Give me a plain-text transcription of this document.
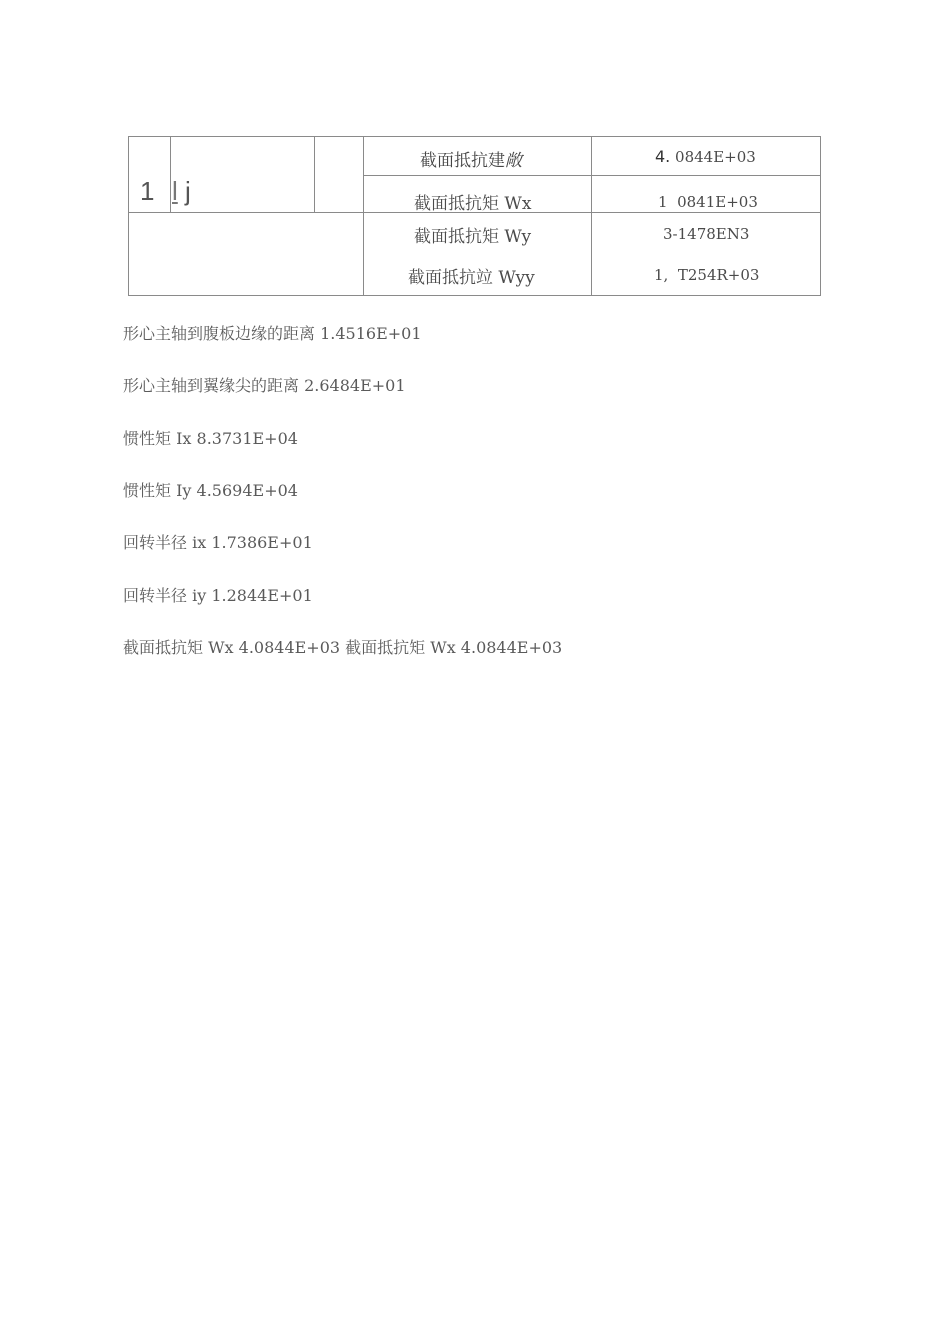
1 l j
截面抵抗建敞	4. 0844E+03
截面抵抗矩 Wx	1  0841E+03
截面抵抗矩 Wy	3-1478EN3
截面抵抗竝 Wyy	1,  T254R+03
形心主轴到腹板边缘的距离 1.4516E+01
形心主轴到翼缘尖的距离 2.6484E+01
惯性矩 Ix 8.3731E+04
惯性矩 Iy 4.5694E+04
回转半径 ix 1.7386E+01
回转半径 iy 1.2844E+01
截面抵抗矩 Wx 4.0844E+03 截面抵抗矩 Wx 4.0844E+03
